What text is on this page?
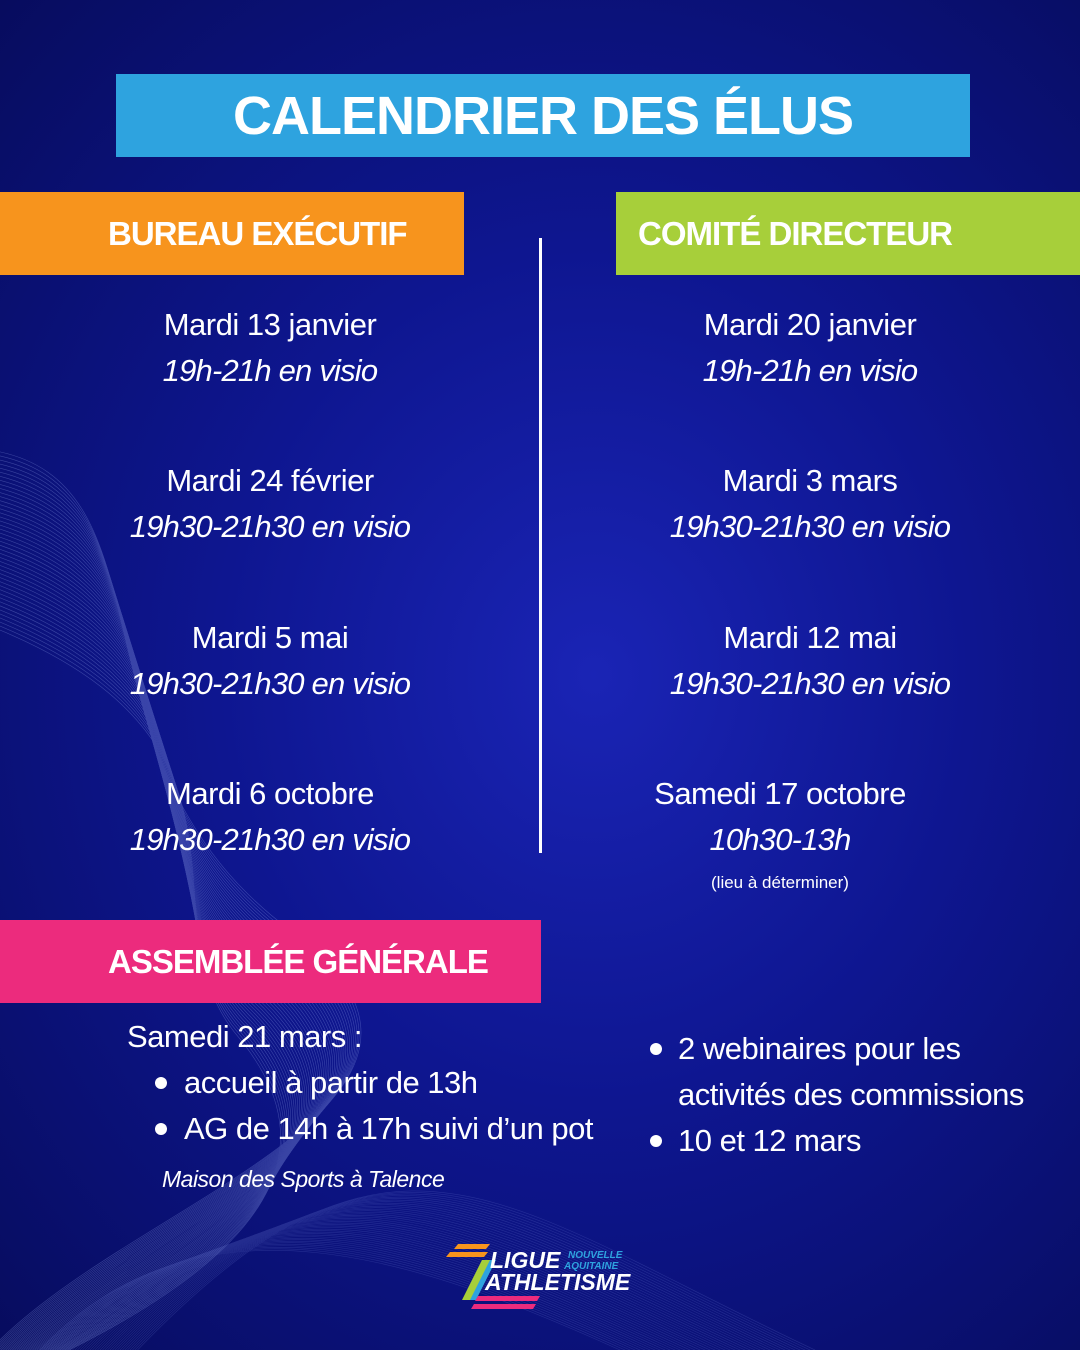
CALENDRIER DES ÉLUS
BUREAU EXÉCUTIF	COMITÉ DIRECTEUR
Mardi 13 janvier
19h-21h en visio
Mardi 24 février
19h30-21h30 en visio
Mardi 5 mai
19h30-21h30 en visio
Mardi 6 octobre
19h30-21h30 en visio
Mardi 20 janvier
19h-21h en visio
Mardi 3 mars
19h30-21h30 en visio
Mardi 12 mai
19h30-21h30 en visio
Samedi 17 octobre
10h30-13h
(lieu à déterminer)
ASSEMBLÉE GÉNÉRALE
Samedi 21 mars :
accueil à partir de 13h
AG de 14h à 17h suivi d’un pot
Maison des Sports à Talence
2 webinaires pour les activités des commissions
10 et 12 mars
LIGUE
ATHLETISME
NOUVELLE
AQUITAINE
